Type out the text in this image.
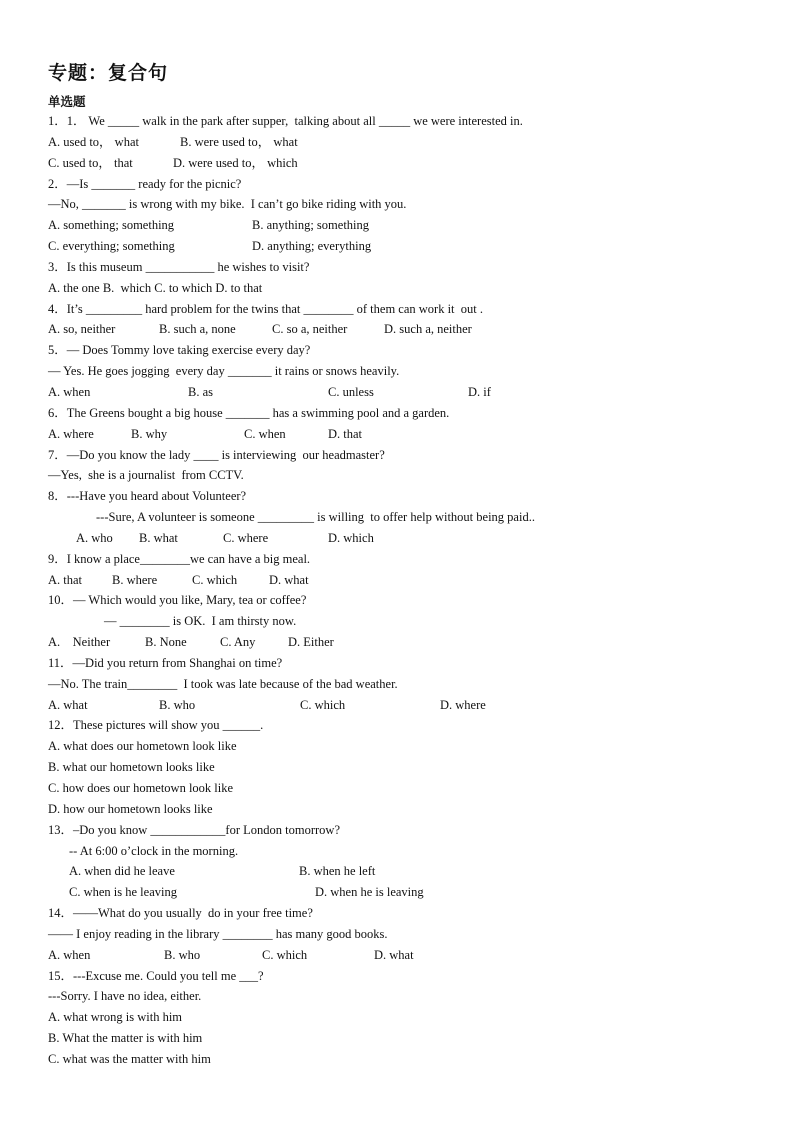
专题：复合句
单选题
1．1． We _____ walk in the park after supper,  talking about all _____ we were interested in.
A. used to， what	B. were used to， what
C. used to， that	D. were used to， which
2．—Is _______ ready for the picnic?
—No, _______ is wrong with my bike.  I can’t go bike riding with you.
A. something; something	B. anything; something
C. everything; something	D. anything; everything
3．Is this museum ___________ he wishes to visit?
A. the one B.  which C. to which D. to that
4．It’s _________ hard problem for the twins that ________ of them can work it  out .
A. so, neither	B. such a, none	C. so a, neither	D. such a, neither
5．— Does Tommy love taking exercise every day?
— Yes. He goes jogging  every day _______ it rains or snows heavily.
A. when	B. as	C. unless	D. if
6．The Greens bought a big house _______ has a swimming pool and a garden.
A. where	B. why	C. when	D. that
7．—Do you know the lady ____ is interviewing  our headmaster?
—Yes,  she is a journalist  from CCTV.
8．---Have you heard about Volunteer?
---Sure, A volunteer is someone _________ is willing  to offer help without being paid..
A. who B. what	C. where	D. which
9．I know a place________we can have a big meal.
A. that B. where	C. which	D. what
10．— Which would you like, Mary, tea or coffee?
— ________ is OK.  I am thirsty now.
A.    Neither	B. None	C. Any	D. Either
11．—Did you return from Shanghai on time?
—No. The train________  I took was late because of the bad weather.
A. what	B. who	C. which	D. where
12．These pictures will show you ______.
A. what does our hometown look like
B. what our hometown looks like
C. how does our hometown look like
D. how our hometown looks like
13．–Do you know ____________for London tomorrow?
-- At 6:00 o’clock in the morning.
A. when did he leave	B. when he left
C. when is he leaving	D. when he is leaving
14．——What do you usually  do in your free time?
—— I enjoy reading in the library ________ has many good books.
A. when	B. who	C. which	D. what
15．---Excuse me. Could you tell me ___?
---Sorry. I have no idea, either.
A. what wrong is with him
B. What the matter is with him
C. what was the matter with him
